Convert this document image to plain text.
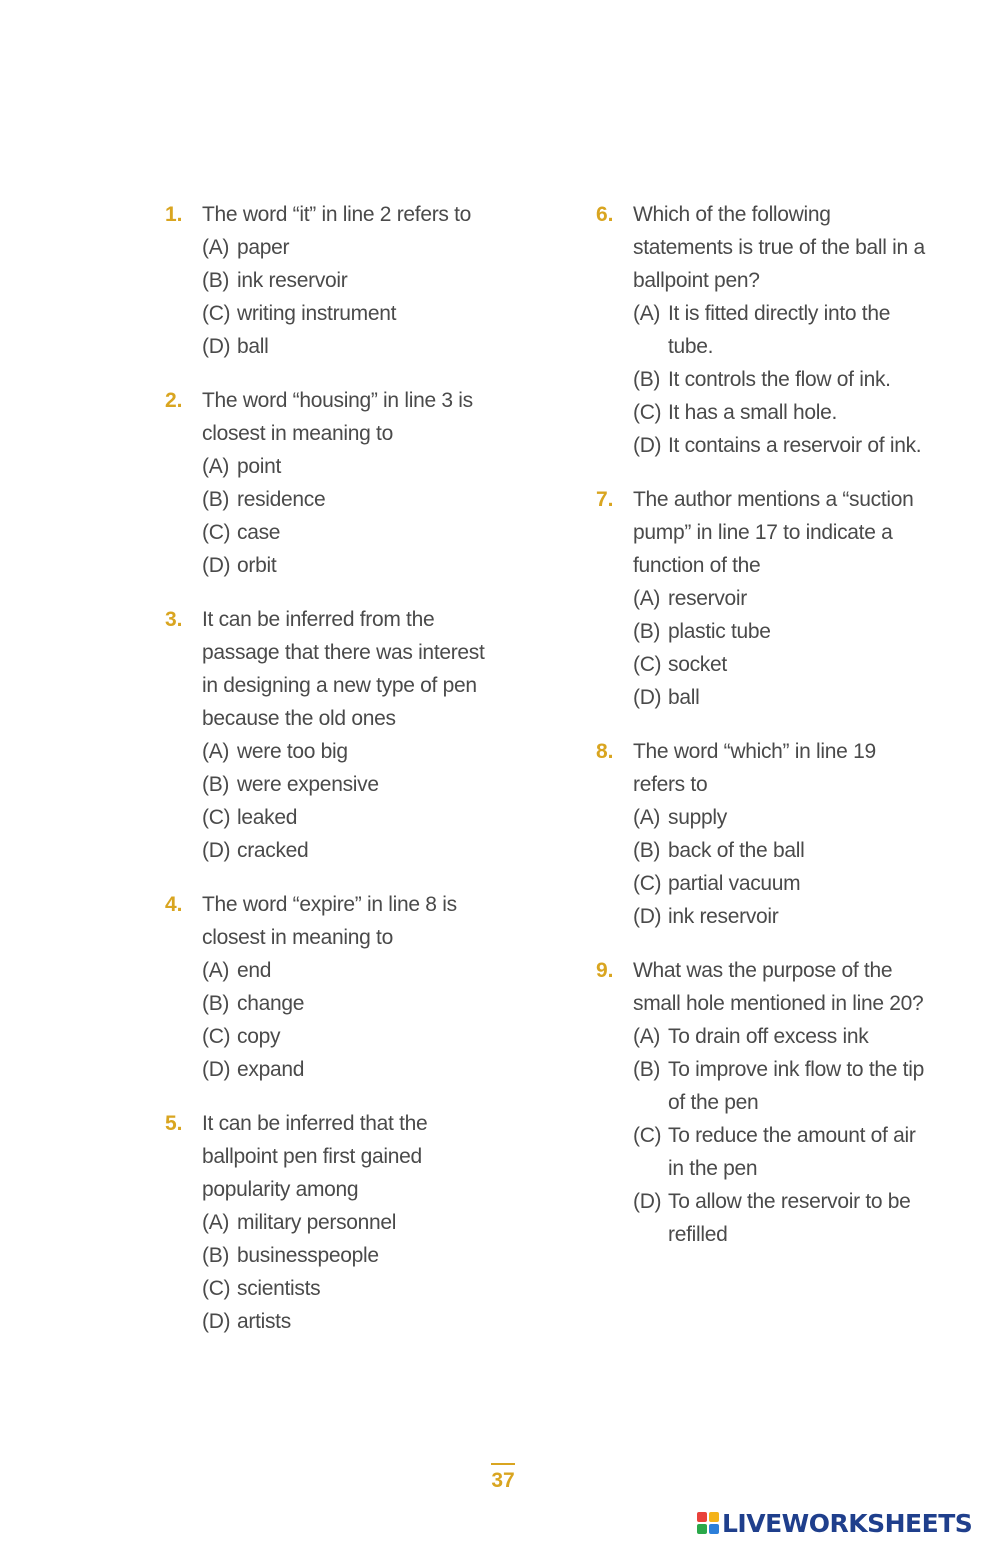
1. The word “it” in line 2 refers to
(A) paper
(B) ink reservoir
(C) writing instrument
(D) ball
2. The word “housing” in line 3 is closest in meaning to
(A) point
(B) residence
(C) case
(D) orbit
3. It can be inferred from the passage that there was interest in designing a new type of pen because the old ones
(A) were too big
(B) were expensive
(C) leaked
(D) cracked
4. The word “expire” in line 8 is closest in meaning to
(A) end
(B) change
(C) copy
(D) expand
5. It can be inferred that the ballpoint pen first gained popularity among
(A) military personnel
(B) businesspeople
(C) scientists
(D) artists
6. Which of the following statements is true of the ball in a ballpoint pen?
(A) It is fitted directly into the tube.
(B) It controls the flow of ink.
(C) It has a small hole.
(D) It contains a reservoir of ink.
7. The author mentions a “suction pump” in line 17 to indicate a function of the
(A) reservoir
(B) plastic tube
(C) socket
(D) ball
8. The word “which” in line 19 refers to
(A) supply
(B) back of the ball
(C) partial vacuum
(D) ink reservoir
9. What was the purpose of the small hole mentioned in line 20?
(A) To drain off excess ink
(B) To improve ink flow to the tip of the pen
(C) To reduce the amount of air in the pen
(D) To allow the reservoir to be refilled
37
LIVEWORKSHEETS
